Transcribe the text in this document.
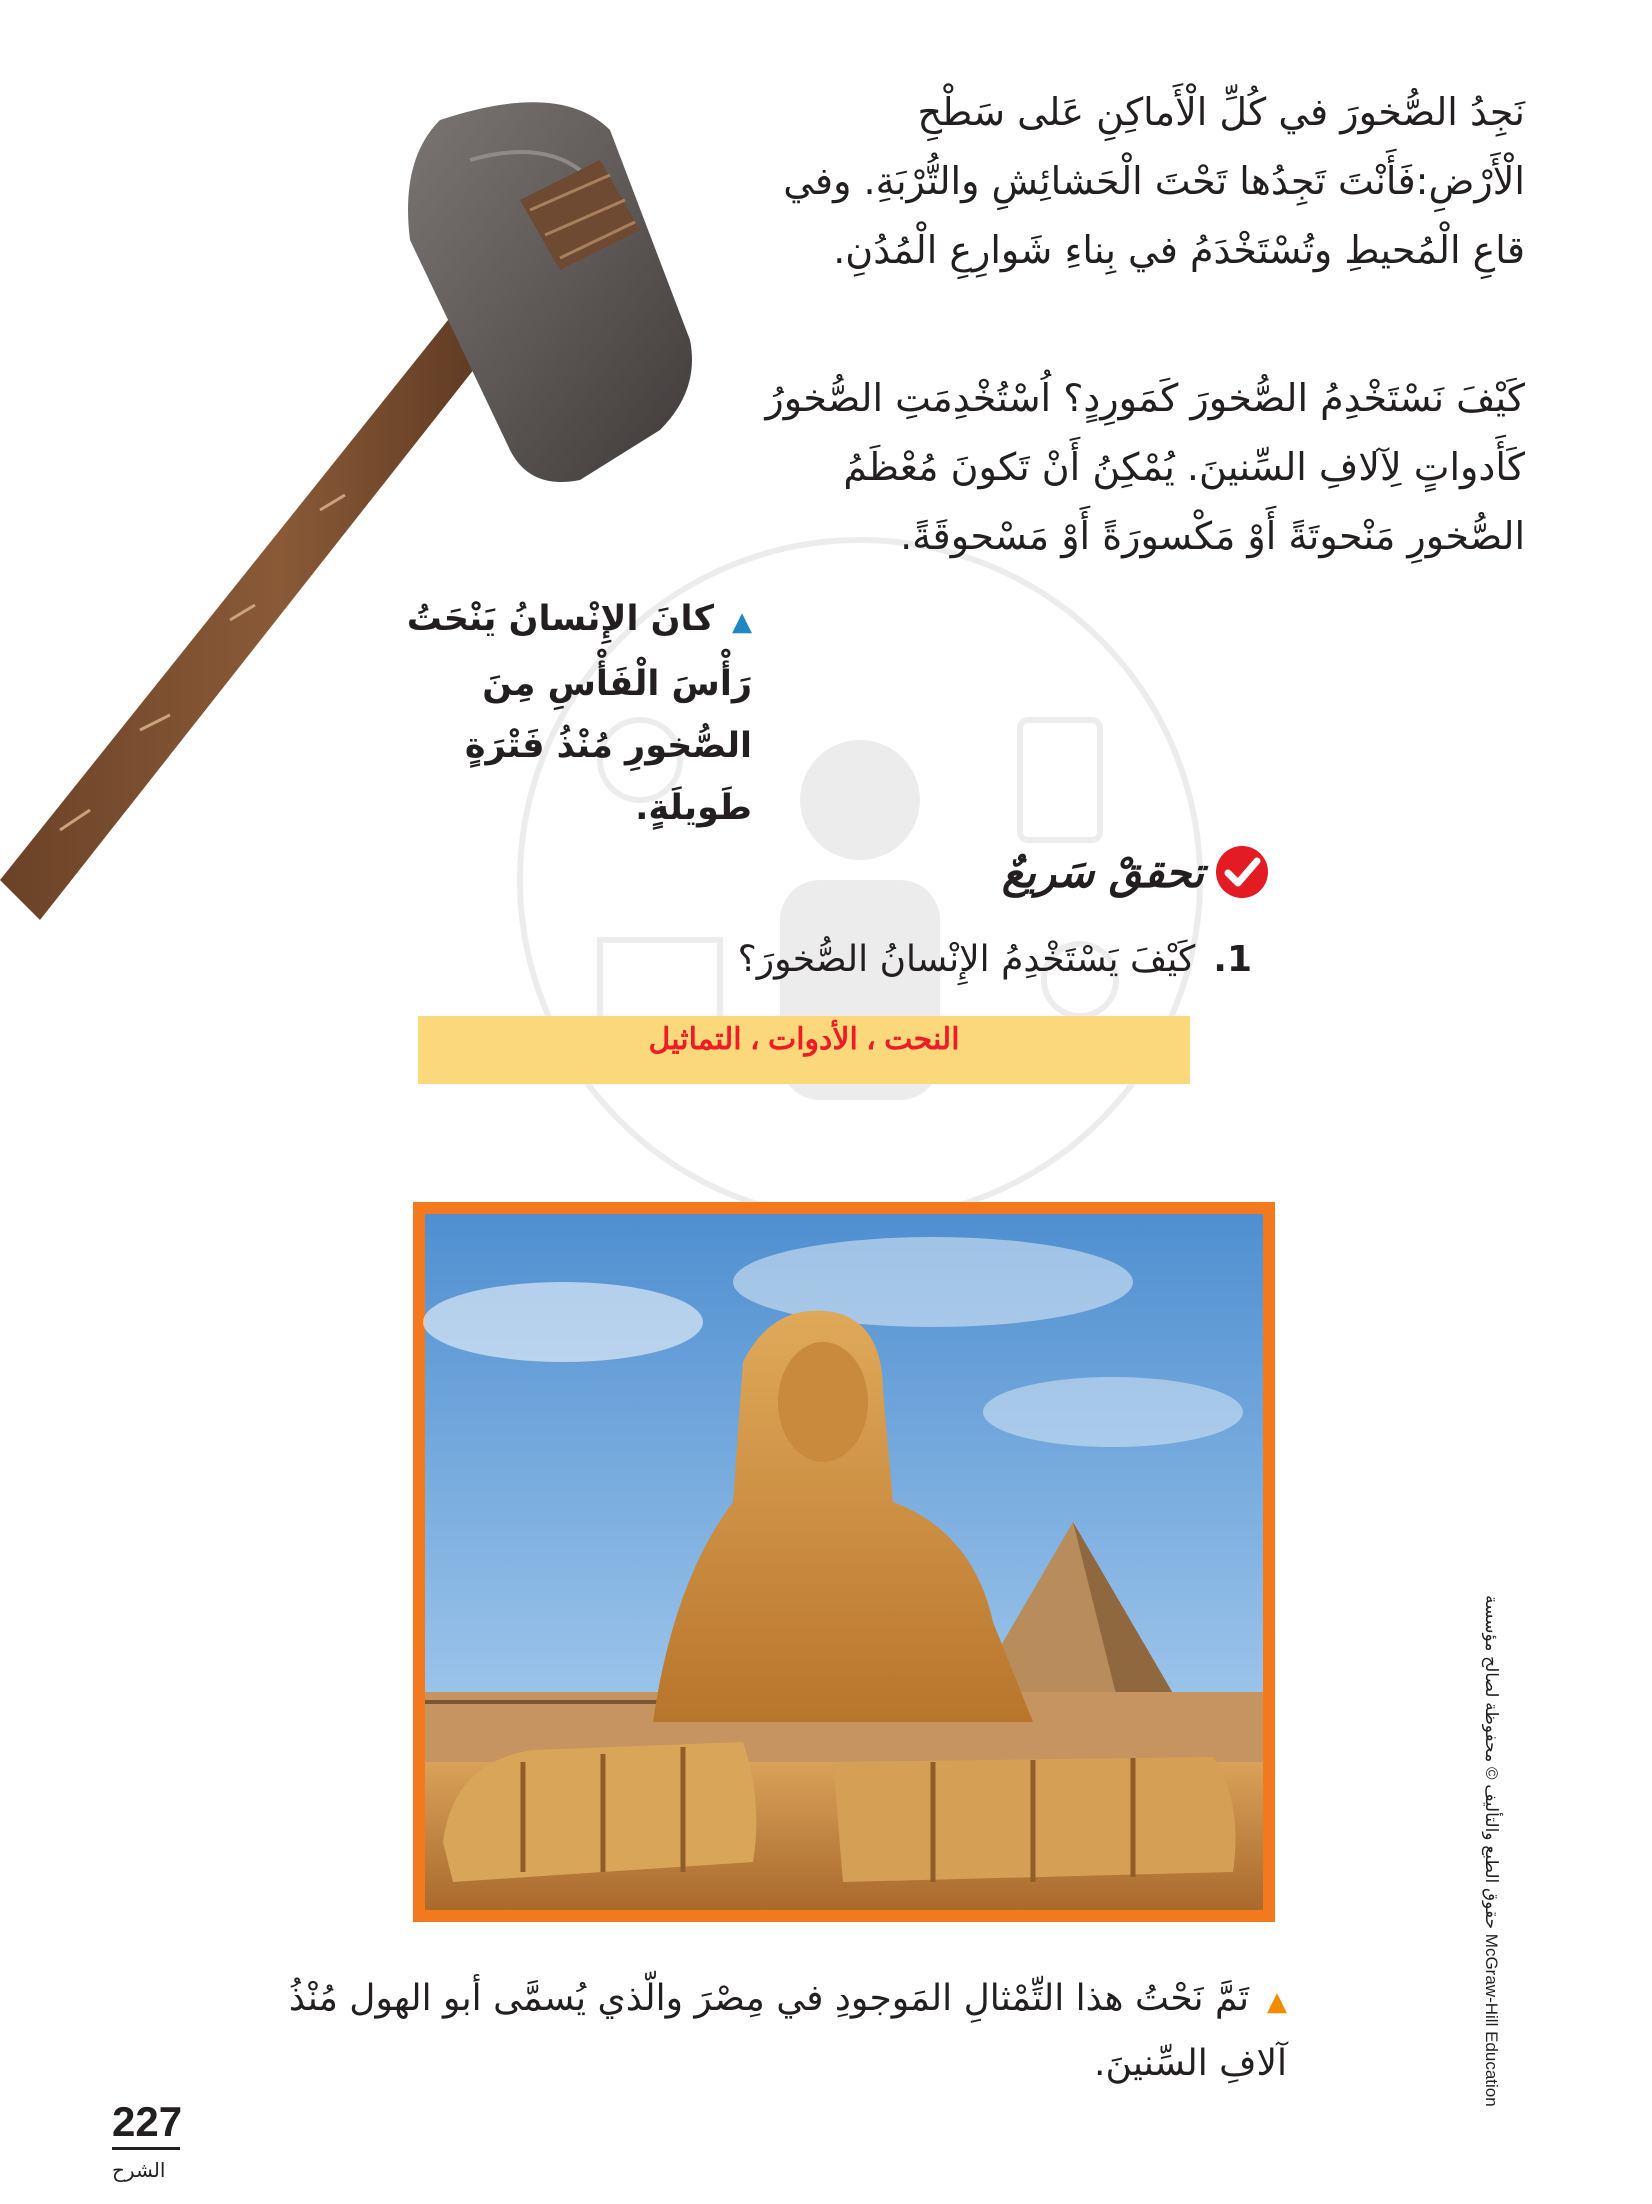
نَجِدُ الصُّخورَ في كُلِّ الْأَماكِنِ عَلى سَطْحِ الْأَرْضِ:فَأَنْتَ تَجِدُها تَحْتَ الْحَشائِشِ والتُّرْبَةِ. وفي قاعِ الْمُحيطِ وتُسْتَخْدَمُ في بِناءِ شَوارِعِ الْمُدُنِ.

كَيْفَ نَسْتَخْدِمُ الصُّخورَ كَمَورِدٍ؟ اُسْتُخْدِمَتِ الصُّخورُ كَأَدواتٍ لِآلافِ السِّنينَ. يُمْكِنُ أَنْ تَكونَ مُعْظَمُ الصُّخورِ مَنْحوتَةً أَوْ مَكْسورَةً أَوْ مَسْحوقَةً.

▲كانَ الإِنْسانُ يَنْحَتُ رَأْسَ الْفَأْسِ مِنَ الصُّخورِ مُنْذُ فَتْرَةٍ طَويلَةٍ.

تحققْ سَريعٌ
1.كَيْفَ يَسْتَخْدِمُ الإِنْسانُ الصُّخورَ؟
النحت ، الأدوات ، التماثيل

▲تَمَّ نَحْتُ هذا التِّمْثالِ المَوجودِ في مِصْرَ والّذي يُسمَّى أبو الهول مُنْذُ آلافِ السِّنينَ.

حقوق الطبع والتأليف © محفوظة لصالح مؤسسة McGraw-Hill Education
227
الشرح
